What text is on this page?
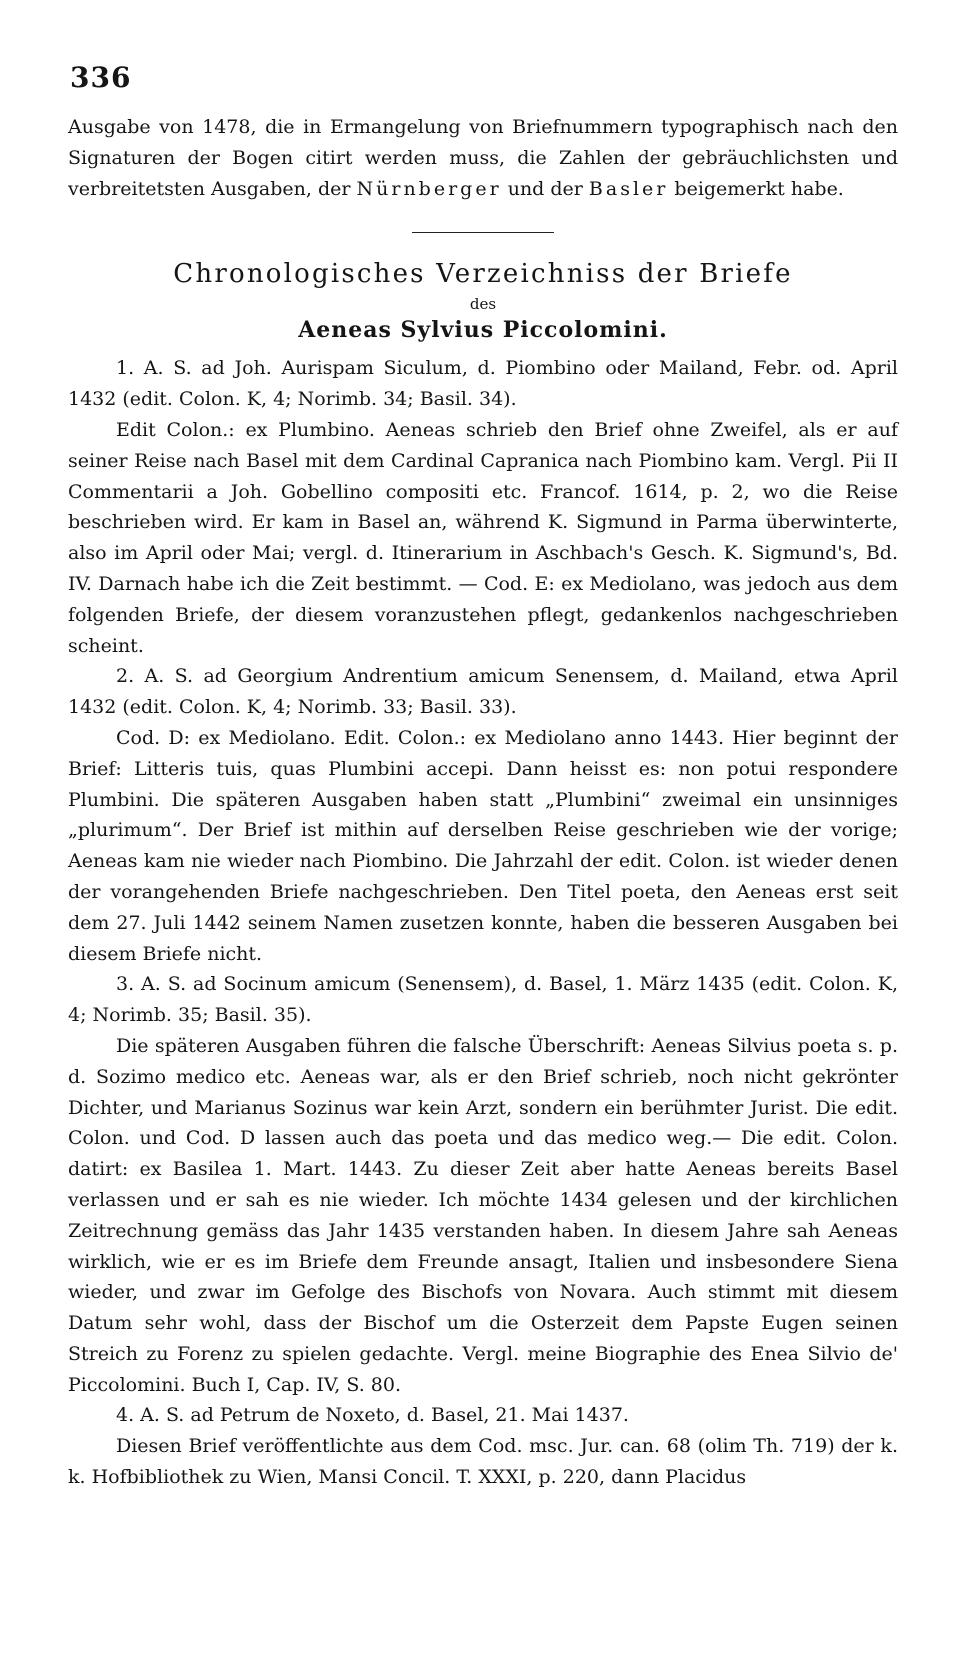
336

Ausgabe von 1478, die in Ermangelung von Briefnummern typographisch nach den Signaturen der Bogen citirt werden muss, die Zahlen der gebräuchlichsten und verbreitetsten Ausgaben, der Nürnberger und der Basler beigemerkt habe.

Chronologisches Verzeichniss der Briefe
des
Aeneas Sylvius Piccolomini.

1. A. S. ad Joh. Aurispam Siculum, d. Piombino oder Mailand, Febr. od. April 1432 (edit. Colon. K, 4; Norimb. 34; Basil. 34).

Edit Colon.: ex Plumbino. Aeneas schrieb den Brief ohne Zweifel, als er auf seiner Reise nach Basel mit dem Cardinal Capranica nach Piombino kam. Vergl. Pii II Commentarii a Joh. Gobellino compositi etc. Francof. 1614, p. 2, wo die Reise beschrieben wird. Er kam in Basel an, während K. Sigmund in Parma überwinterte, also im April oder Mai; vergl. d. Itinerarium in Aschbach's Gesch. K. Sigmund's, Bd. IV. Darnach habe ich die Zeit bestimmt. — Cod. E: ex Mediolano, was jedoch aus dem folgenden Briefe, der diesem voranzustehen pflegt, gedankenlos nachgeschrieben scheint.

2. A. S. ad Georgium Andrentium amicum Senensem, d. Mailand, etwa April 1432 (edit. Colon. K, 4; Norimb. 33; Basil. 33).

Cod. D: ex Mediolano. Edit. Colon.: ex Mediolano anno 1443. Hier beginnt der Brief: Litteris tuis, quas Plumbini accepi. Dann heisst es: non potui respondere Plumbini. Die späteren Ausgaben haben statt „Plumbini“ zweimal ein unsinniges „plurimum“. Der Brief ist mithin auf derselben Reise geschrieben wie der vorige; Aeneas kam nie wieder nach Piombino. Die Jahrzahl der edit. Colon. ist wieder denen der vorangehenden Briefe nachgeschrieben. Den Titel poeta, den Aeneas erst seit dem 27. Juli 1442 seinem Namen zusetzen konnte, haben die besseren Ausgaben bei diesem Briefe nicht.

3. A. S. ad Socinum amicum (Senensem), d. Basel, 1. März 1435 (edit. Colon. K, 4; Norimb. 35; Basil. 35).

Die späteren Ausgaben führen die falsche Überschrift: Aeneas Silvius poeta s. p. d. Sozimo medico etc. Aeneas war, als er den Brief schrieb, noch nicht gekrönter Dichter, und Marianus Sozinus war kein Arzt, sondern ein berühmter Jurist. Die edit. Colon. und Cod. D lassen auch das poeta und das medico weg.— Die edit. Colon. datirt: ex Basilea 1. Mart. 1443. Zu dieser Zeit aber hatte Aeneas bereits Basel verlassen und er sah es nie wieder. Ich möchte 1434 gelesen und der kirchlichen Zeitrechnung gemäss das Jahr 1435 verstanden haben. In diesem Jahre sah Aeneas wirklich, wie er es im Briefe dem Freunde ansagt, Italien und insbesondere Siena wieder, und zwar im Gefolge des Bischofs von Novara. Auch stimmt mit diesem Datum sehr wohl, dass der Bischof um die Osterzeit dem Papste Eugen seinen Streich zu Forenz zu spielen gedachte. Vergl. meine Biographie des Enea Silvio de' Piccolomini. Buch I, Cap. IV, S. 80.

4. A. S. ad Petrum de Noxeto, d. Basel, 21. Mai 1437.

Diesen Brief veröffentlichte aus dem Cod. msc. Jur. can. 68 (olim Th. 719) der k. k. Hofbibliothek zu Wien, Mansi Concil. T. XXXI, p. 220, dann Placidus
